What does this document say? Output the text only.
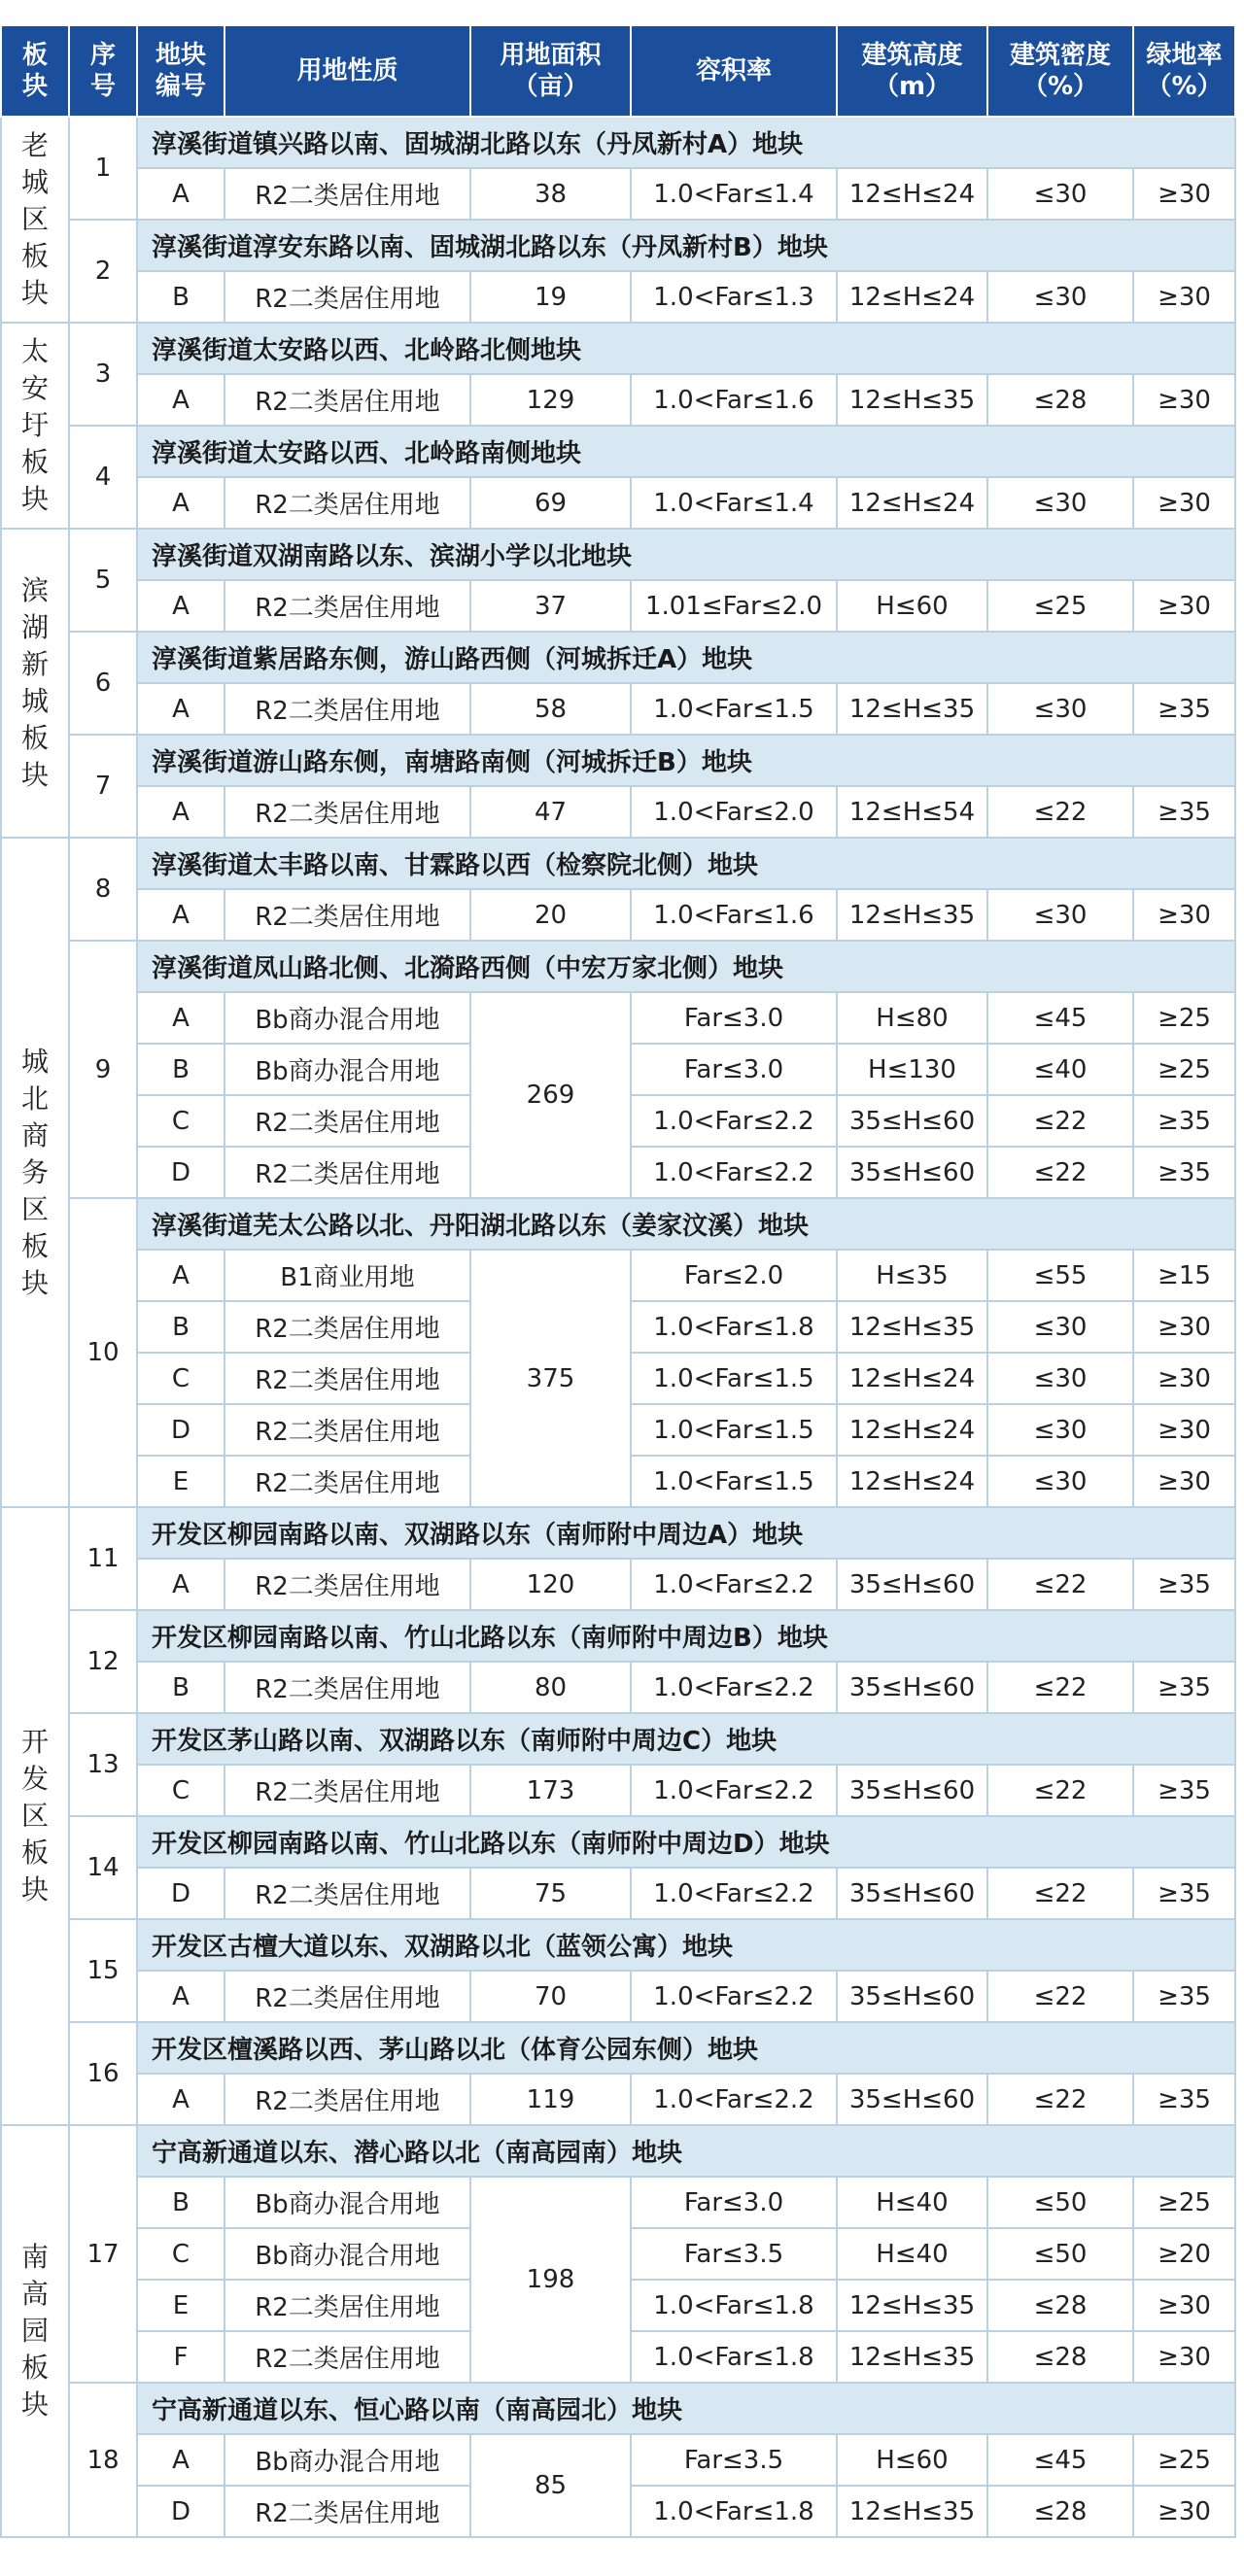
板块	序号	地块编号	用地性质	用地面积（亩）	容积率	建筑高度（m）	建筑密度（%）	绿地率（%）
老城区板块	1	淳溪街道镇兴路以南、固城湖北路以东（丹凤新村A）地块						
		A	R2二类居住用地	38	1.0<Far≤1.4	12≤H≤24	≤30	≥30
	2	淳溪街道淳安东路以南、固城湖北路以东（丹凤新村B）地块						
		B	R2二类居住用地	19	1.0<Far≤1.3	12≤H≤24	≤30	≥30
太安圩板块	3	淳溪街道太安路以西、北岭路北侧地块						
		A	R2二类居住用地	129	1.0<Far≤1.6	12≤H≤35	≤28	≥30
	4	淳溪街道太安路以西、北岭路南侧地块						
		A	R2二类居住用地	69	1.0<Far≤1.4	12≤H≤24	≤30	≥30
滨湖新城板块	5	淳溪街道双湖南路以东、滨湖小学以北地块						
		A	R2二类居住用地	37	1.01≤Far≤2.0	H≤60	≤25	≥30
	6	淳溪街道紫居路东侧，游山路西侧（河城拆迁A）地块						
		A	R2二类居住用地	58	1.0<Far≤1.5	12≤H≤35	≤30	≥35
	7	淳溪街道游山路东侧，南塘路南侧（河城拆迁B）地块						
		A	R2二类居住用地	47	1.0<Far≤2.0	12≤H≤54	≤22	≥35
城北商务区板块	8	淳溪街道太丰路以南、甘霖路以西（检察院北侧）地块						
		A	R2二类居住用地	20	1.0<Far≤1.6	12≤H≤35	≤30	≥30
	9	淳溪街道凤山路北侧、北漪路西侧（中宏万家北侧）地块						
		A	Bb商办混合用地	269	Far≤3.0	H≤80	≤45	≥25
		B	Bb商办混合用地		Far≤3.0	H≤130	≤40	≥25
		C	R2二类居住用地		1.0<Far≤2.2	35≤H≤60	≤22	≥35
		D	R2二类居住用地		1.0<Far≤2.2	35≤H≤60	≤22	≥35
	10	淳溪街道芜太公路以北、丹阳湖北路以东（姜家汶溪）地块						
		A	B1商业用地	375	Far≤2.0	H≤35	≤55	≥15
		B	R2二类居住用地		1.0<Far≤1.8	12≤H≤35	≤30	≥30
		C	R2二类居住用地		1.0<Far≤1.5	12≤H≤24	≤30	≥30
		D	R2二类居住用地		1.0<Far≤1.5	12≤H≤24	≤30	≥30
		E	R2二类居住用地		1.0<Far≤1.5	12≤H≤24	≤30	≥30
开发区板块	11	开发区柳园南路以南、双湖路以东（南师附中周边A）地块						
		A	R2二类居住用地	120	1.0<Far≤2.2	35≤H≤60	≤22	≥35
	12	开发区柳园南路以南、竹山北路以东（南师附中周边B）地块						
		B	R2二类居住用地	80	1.0<Far≤2.2	35≤H≤60	≤22	≥35
	13	开发区茅山路以南、双湖路以东（南师附中周边C）地块						
		C	R2二类居住用地	173	1.0<Far≤2.2	35≤H≤60	≤22	≥35
	14	开发区柳园南路以南、竹山北路以东（南师附中周边D）地块						
		D	R2二类居住用地	75	1.0<Far≤2.2	35≤H≤60	≤22	≥35
	15	开发区古檀大道以东、双湖路以北（蓝领公寓）地块						
		A	R2二类居住用地	70	1.0<Far≤2.2	35≤H≤60	≤22	≥35
	16	开发区檀溪路以西、茅山路以北（体育公园东侧）地块						
		A	R2二类居住用地	119	1.0<Far≤2.2	35≤H≤60	≤22	≥35
南高园板块	17	宁高新通道以东、潜心路以北（南高园南）地块						
		B	Bb商办混合用地	198	Far≤3.0	H≤40	≤50	≥25
		C	Bb商办混合用地		Far≤3.5	H≤40	≤50	≥20
		E	R2二类居住用地		1.0<Far≤1.8	12≤H≤35	≤28	≥30
		F	R2二类居住用地		1.0<Far≤1.8	12≤H≤35	≤28	≥30
	18	宁高新通道以东、恒心路以南（南高园北）地块						
		A	Bb商办混合用地	85	Far≤3.5	H≤60	≤45	≥25
		D	R2二类居住用地		1.0<Far≤1.8	12≤H≤35	≤28	≥30
